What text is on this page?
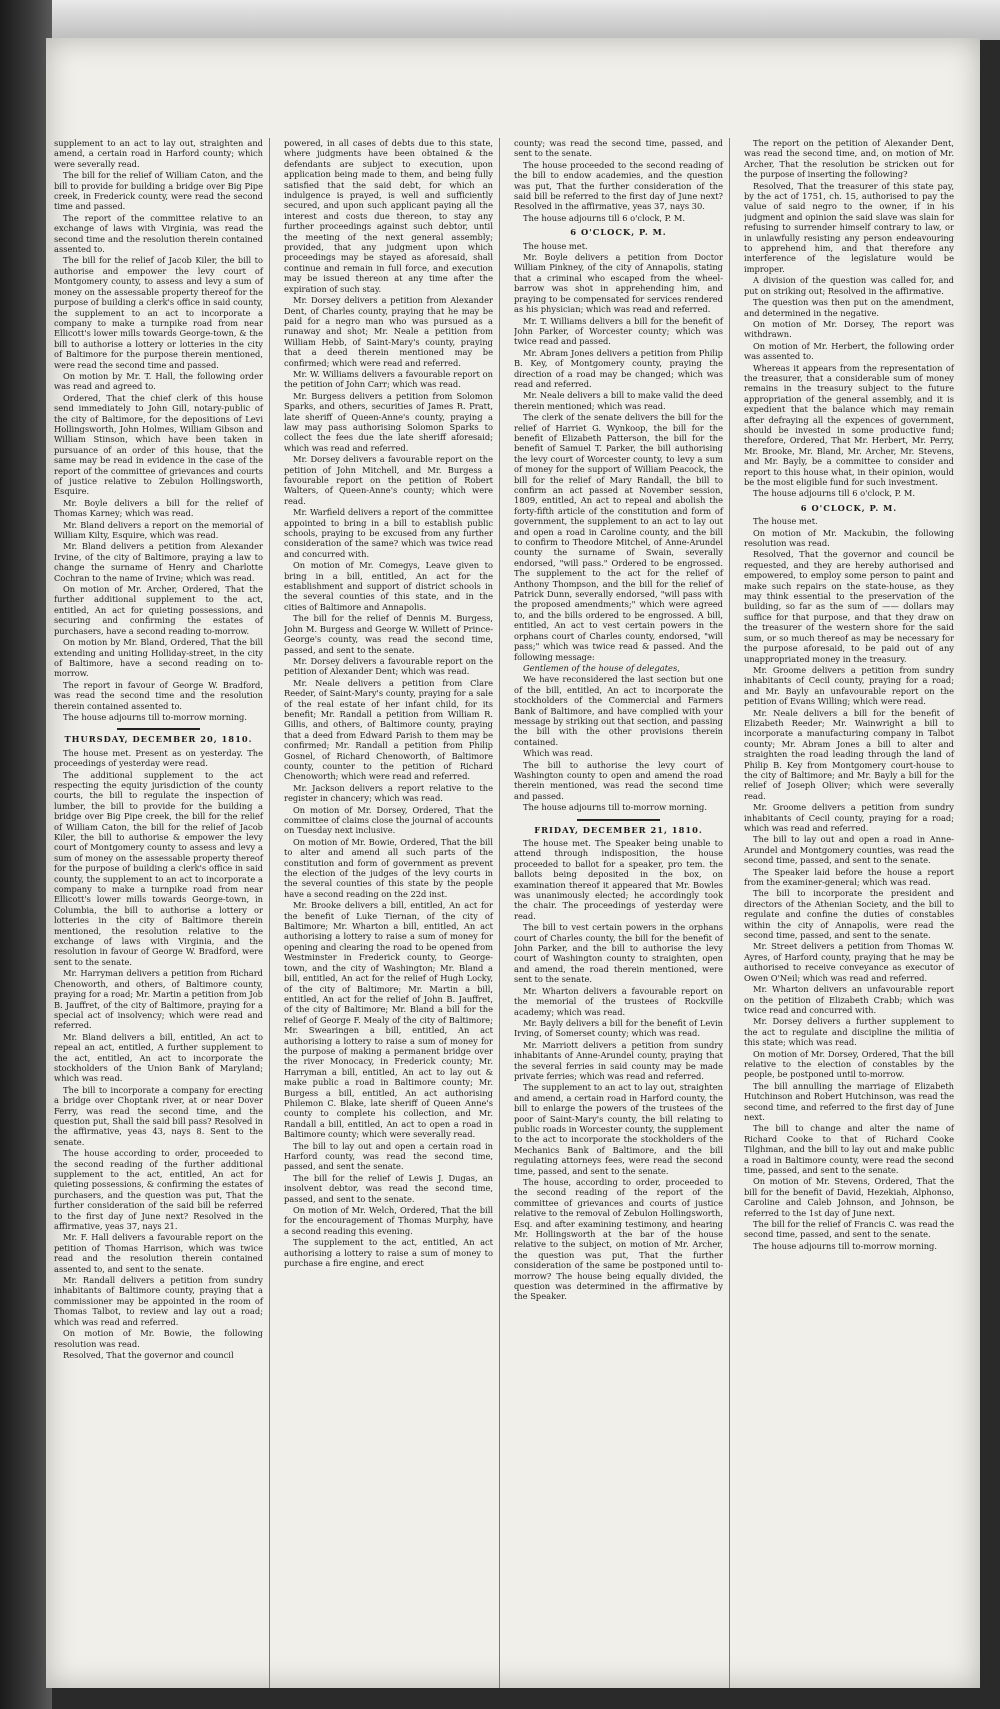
supplement to an act to lay out, straighten and amend, a certain road in Harford county; which were severally read.

The bill for the relief of William Caton, and the bill to provide for building a bridge over Big Pipe creek, in Frederick county, were read the second time and passed.

The report of the committee relative to an exchange of laws with Virginia, was read the second time and the resolution therein contained assented to.

The bill for the relief of Jacob Kiler, the bill to authorise and empower the levy court of Montgomery county, to assess and levy a sum of money on the assessable property thereof for the purpose of building a clerk's office in said county, the supplement to an act to incorporate a company to make a turnpike road from near Ellicott's lower mills towards George-town, & the bill to authorise a lottery or lotteries in the city of Baltimore for the purpose therein mentioned, were read the second time and passed.

On motion by Mr. T. Hall, the following order was read and agreed to.

Ordered, That the chief clerk of this house send immediately to John Gill, notary-public of the city of Baltimore, for the depositions of Levi Hollingsworth, John Holmes, William Gibson and William Stinson, which have been taken in pursuance of an order of this house, that the same may be read in evidence in the case of the report of the committee of grievances and courts of justice relative to Zebulon Hollingsworth, Esquire.

Mr. Boyle delivers a bill for the relief of Thomas Karney; which was read.

Mr. Bland delivers a report on the memorial of William Kilty, Esquire, which was read.

Mr. Bland delivers a petition from Alexander Irvine, of the city of Baltimore, praying a law to change the surname of Henry and Charlotte Cochran to the name of Irvine; which was read.

On motion of Mr. Archer, Ordered, That the further additional supplement to the act, entitled, An act for quieting possessions, and securing and confirming the estates of purchasers, have a second reading to-morrow.

On motion by Mr. Bland, Ordered, That the bill extending and uniting Holliday-street, in the city of Baltimore, have a second reading on to-morrow.

The report in favour of George W. Bradford, was read the second time and the resolution therein contained assented to.

The house adjourns till to-morrow morning.

THURSDAY, DECEMBER 20, 1810.

The house met. Present as on yesterday. The proceedings of yesterday were read.

The additional supplement to the act respecting the equity jurisdiction of the county courts, the bill to regulate the inspection of lumber, the bill to provide for the building a bridge over Big Pipe creek, the bill for the relief of William Caton, the bill for the relief of Jacob Kiler, the bill to authorise & empower the levy court of Montgomery county to assess and levy a sum of money on the assessable property thereof for the purpose of building a clerk's office in said county, the supplement to an act to incorporate a company to make a turnpike road from near Ellicott's lower mills towards George-town, in Columbia, the bill to authorise a lottery or lotteries in the city of Baltimore therein mentioned, the resolution relative to the exchange of laws with Virginia, and the resolution in favour of George W. Bradford, were sent to the senate.

Mr. Harryman delivers a petition from Richard Chenoworth, and others, of Baltimore county, praying for a road; Mr. Martin a petition from Job B. Jauffret, of the city of Baltimore, praying for a special act of insolvency; which were read and referred.

Mr. Bland delivers a bill, entitled, An act to repeal an act, entitled, A further supplement to the act, entitled, An act to incorporate the stockholders of the Union Bank of Maryland; which was read.

The bill to incorporate a company for erecting a bridge over Choptank river, at or near Dover Ferry, was read the second time, and the question put, Shall the said bill pass? Resolved in the affirmative, yeas 43, nays 8. Sent to the senate.

The house according to order, proceeded to the second reading of the further additional supplement to the act, entitled, An act for quieting possessions, & confirming the estates of purchasers, and the question was put, That the further consideration of the said bill be referred to the first day of June next? Resolved in the affirmative, yeas 37, nays 21.

Mr. F. Hall delivers a favourable report on the petition of Thomas Harrison, which was twice read and the resolution therein contained assented to, and sent to the senate.

Mr. Randall delivers a petition from sundry inhabitants of Baltimore county, praying that a commissioner may be appointed in the room of Thomas Talbot, to review and lay out a road; which was read and referred.

On motion of Mr. Bowie, the following resolution was read.

Resolved, That the governor and council

powered, in all cases of debts due to this state, where judgments have been obtained & the defendants are subject to execution, upon application being made to them, and being fully satisfied that the said debt, for which an indulgence is prayed, is well and sufficiently secured, and upon such applicant paying all the interest and costs due thereon, to stay any further proceedings against such debtor, until the meeting of the next general assembly; provided, that any judgment upon which proceedings may be stayed as aforesaid, shall continue and remain in full force, and execution may be issued thereon at any time after the expiration of such stay.

Mr. Dorsey delivers a petition from Alexander Dent, of Charles county, praying that he may be paid for a negro man who was pursued as a runaway and shot; Mr. Neale a petition from William Hebb, of Saint-Mary's county, praying that a deed therein mentioned may be confirmed; which were read and referred.

Mr. W. Williams delivers a favourable report on the petition of John Carr; which was read.

Mr. Burgess delivers a petition from Solomon Sparks, and others, securities of James R. Pratt, late sheriff of Queen-Anne's county, praying a law may pass authorising Solomon Sparks to collect the fees due the late sheriff aforesaid; which was read and referred.

Mr. Dorsey delivers a favourable report on the petition of John Mitchell, and Mr. Burgess a favourable report on the petition of Robert Walters, of Queen-Anne's county; which were read.

Mr. Warfield delivers a report of the committee appointed to bring in a bill to establish public schools, praying to be excused from any further consideration of the same? which was twice read and concurred with.

On motion of Mr. Comegys, Leave given to bring in a bill, entitled, An act for the establishment and support of district schools in the several counties of this state, and in the cities of Baltimore and Annapolis.

The bill for the relief of Dennis M. Burgess, John M. Burgess and George W. Willett of Prince-George's county, was read the second time, passed, and sent to the senate.

Mr. Dorsey delivers a favourable report on the petition of Alexander Dent; which was read.

Mr. Neale delivers a petition from Clare Reeder, of Saint-Mary's county, praying for a sale of the real estate of her infant child, for its benefit; Mr. Randall a petition from William R. Gillis, and others, of Baltimore county, praying that a deed from Edward Parish to them may be confirmed; Mr. Randall a petition from Philip Gosnel, of Richard Chenoworth, of Baltimore county, counter to the petition of Richard Chenoworth; which were read and referred.

Mr. Jackson delivers a report relative to the register in chancery; which was read.

On motion of Mr. Dorsey, Ordered, That the committee of claims close the journal of accounts on Tuesday next inclusive.

On motion of Mr. Bowie, Ordered, That the bill to alter and amend all such parts of the constitution and form of government as prevent the election of the judges of the levy courts in the several counties of this state by the people have a second reading on the 22d inst.

Mr. Brooke delivers a bill, entitled, An act for the benefit of Luke Tiernan, of the city of Baltimore; Mr. Wharton a bill, entitled, An act authorising a lottery to raise a sum of money for opening and clearing the road to be opened from Westminster in Frederick county, to George-town, and the city of Washington; Mr. Bland a bill, entitled, An act for the relief of Hugh Locky, of the city of Baltimore; Mr. Martin a bill, entitled, An act for the relief of John B. Jauffret, of the city of Baltimore; Mr. Bland a bill for the relief of George F. Mealy of the city of Baltimore; Mr. Swearingen a bill, entitled, An act authorising a lottery to raise a sum of money for the purpose of making a permanent bridge over the river Monocacy, in Frederick county; Mr. Harryman a bill, entitled, An act to lay out & make public a road in Baltimore county; Mr. Burgess a bill, entitled, An act authorising Philemon C. Blake, late sheriff of Queen Anne's county to complete his collection, and Mr. Randall a bill, entitled, An act to open a road in Baltimore county; which were severally read.

The bill to lay out and open a certain road in Harford county, was read the second time, passed, and sent the senate.

The bill for the relief of Lewis J. Dugas, an insolvent debtor, was read the second time, passed, and sent to the senate.

On motion of Mr. Welch, Ordered, That the bill for the encouragement of Thomas Murphy, have a second reading this evening.

The supplement to the act, entitled, An act authorising a lottery to raise a sum of money to purchase a fire engine, and erect

county; was read the second time, passed, and sent to the senate.

The house proceeded to the second reading of the bill to endow academies, and the question was put, That the further consideration of the said bill be referred to the first day of June next? Resolved in the affirmative, yeas 37, nays 30.

The house adjourns till 6 o'clock, P. M.

6 O'CLOCK, P. M.

The house met.

Mr. Boyle delivers a petition from Doctor William Pinkney, of the city of Annapolis, stating that a criminal who escaped from the wheel-barrow was shot in apprehending him, and praying to be compensated for services rendered as his physician; which was read and referred.

Mr. T. Williams delivers a bill for the benefit of John Parker, of Worcester county; which was twice read and passed.

Mr. Abram Jones delivers a petition from Philip B. Key, of Montgomery county, praying the direction of a road may be changed; which was read and referred.

Mr. Neale delivers a bill to make valid the deed therein mentioned; which was read.

The clerk of the senate delivers the bill for the relief of Harriet G. Wynkoop, the bill for the benefit of Elizabeth Patterson, the bill for the benefit of Samuel T. Parker, the bill authorising the levy court of Worcester county, to levy a sum of money for the support of William Peacock, the bill for the relief of Mary Randall, the bill to confirm an act passed at November session, 1809, entitled, An act to repeal and abolish the forty-fifth article of the constitution and form of government, the supplement to an act to lay out and open a road in Caroline county, and the bill to confirm to Theodore Mitchel, of Anne-Arundel county the surname of Swain, severally endorsed, "will pass." Ordered to be engrossed. The supplement to the act for the relief of Anthony Thompson, and the bill for the relief of Patrick Dunn, severally endorsed, "will pass with the proposed amendments;" which were agreed to, and the bills ordered to be engrossed. A bill, entitled, An act to vest certain powers in the orphans court of Charles county, endorsed, "will pass;" which was twice read & passed. And the following message:

Gentlemen of the house of delegates,

We have reconsidered the last section but one of the bill, entitled, An act to incorporate the stockholders of the Commercial and Farmers Bank of Baltimore, and have complied with your message by striking out that section, and passing the bill with the other provisions therein contained.

Which was read.

The bill to authorise the levy court of Washington county to open and amend the road therein mentioned, was read the second time and passed.

The house adjourns till to-morrow morning.

FRIDAY, DECEMBER 21, 1810.

The house met. The Speaker being unable to attend through indisposition, the house proceeded to ballot for a speaker, pro tem. the ballots being deposited in the box, on examination thereof it appeared that Mr. Bowles was unanimously elected; he accordingly took the chair. The proceedings of yesterday were read.

The bill to vest certain powers in the orphans court of Charles county, the bill for the benefit of John Parker, and the bill to authorise the levy court of Washington county to straighten, open and amend, the road therein mentioned, were sent to the senate.

Mr. Wharton delivers a favourable report on the memorial of the trustees of Rockville academy; which was read.

Mr. Bayly delivers a bill for the benefit of Levin Irving, of Somerset county; which was read.

Mr. Marriott delivers a petition from sundry inhabitants of Anne-Arundel county, praying that the several ferries in said county may be made private ferries; which was read and referred.

The supplement to an act to lay out, straighten and amend, a certain road in Harford county, the bill to enlarge the powers of the trustees of the poor of Saint-Mary's county, the bill relating to public roads in Worcester county, the supplement to the act to incorporate the stockholders of the Mechanics Bank of Baltimore, and the bill regulating attorneys fees, were read the second time, passed, and sent to the senate.

The house, according to order, proceeded to the second reading of the report of the committee of grievances and courts of justice relative to the removal of Zebulon Hollingsworth, Esq. and after examining testimony, and hearing Mr. Hollingsworth at the bar of the house relative to the subject, on motion of Mr. Archer, the question was put, That the further consideration of the same be postponed until to-morrow? The house being equally divided, the question was determined in the affirmative by the Speaker.

The report on the petition of Alexander Dent, was read the second time, and, on motion of Mr. Archer, That the resolution be stricken out for the purpose of inserting the following?

Resolved, That the treasurer of this state pay, by the act of 1751, ch. 15, authorised to pay the value of said negro to the owner, if in his judgment and opinion the said slave was slain for refusing to surrender himself contrary to law, or in unlawfully resisting any person endeavouring to apprehend him, and that therefore any interference of the legislature would be improper.

A division of the question was called for, and put on striking out; Resolved in the affirmative.

The question was then put on the amendment, and determined in the negative.

On motion of Mr. Dorsey, The report was withdrawn.

On motion of Mr. Herbert, the following order was assented to.

Whereas it appears from the representation of the treasurer, that a considerable sum of money remains in the treasury subject to the future appropriation of the general assembly, and it is expedient that the balance which may remain after defraying all the expences of government, should be invested in some productive fund; therefore, Ordered, That Mr. Herbert, Mr. Perry, Mr. Brooke, Mr. Bland, Mr. Archer, Mr. Stevens, and Mr. Bayly, be a committee to consider and report to this house what, in their opinion, would be the most eligible fund for such investment.

The house adjourns till 6 o'clock, P. M.

6 O'CLOCK, P. M.

The house met.

On motion of Mr. Mackubin, the following resolution was read.

Resolved, That the governor and council be requested, and they are hereby authorised and empowered, to employ some person to paint and make such repairs on the state-house, as they may think essential to the preservation of the building, so far as the sum of —— dollars may suffice for that purpose, and that they draw on the treasurer of the western shore for the said sum, or so much thereof as may be necessary for the purpose aforesaid, to be paid out of any unappropriated money in the treasury.

Mr. Groome delivers a petition from sundry inhabitants of Cecil county, praying for a road; and Mr. Bayly an unfavourable report on the petition of Evans Willing; which were read.

Mr. Neale delivers a bill for the benefit of Elizabeth Reeder; Mr. Wainwright a bill to incorporate a manufacturing company in Talbot county; Mr. Abram Jones a bill to alter and straighten the road leading through the land of Philip B. Key from Montgomery court-house to the city of Baltimore; and Mr. Bayly a bill for the relief of Joseph Oliver; which were severally read.

Mr. Groome delivers a petition from sundry inhabitants of Cecil county, praying for a road; which was read and referred.

The bill to lay out and open a road in Anne-Arundel and Montgomery counties, was read the second time, passed, and sent to the senate.

The Speaker laid before the house a report from the examiner-general; which was read.

The bill to incorporate the president and directors of the Athenian Society, and the bill to regulate and confine the duties of constables within the city of Annapolis, were read the second time, passed, and sent to the senate.

Mr. Street delivers a petition from Thomas W. Ayres, of Harford county, praying that he may be authorised to receive conveyance as executor of Owen O'Neil; which was read and referred.

Mr. Wharton delivers an unfavourable report on the petition of Elizabeth Crabb; which was twice read and concurred with.

Mr. Dorsey delivers a further supplement to the act to regulate and discipline the militia of this state; which was read.

On motion of Mr. Dorsey, Ordered, That the bill relative to the election of constables by the people, be postponed until to-morrow.

The bill annulling the marriage of Elizabeth Hutchinson and Robert Hutchinson, was read the second time, and referred to the first day of June next.

The bill to change and alter the name of Richard Cooke to that of Richard Cooke Tilghman, and the bill to lay out and make public a road in Baltimore county, were read the second time, passed, and sent to the senate.

On motion of Mr. Stevens, Ordered, That the bill for the benefit of David, Hezekiah, Alphonso, Caroline and Caleb Johnson, and Johnson, be referred to the 1st day of June next.

The bill for the relief of Francis C. was read the second time, passed, and sent to the senate.

The house adjourns till to-morrow morning.
